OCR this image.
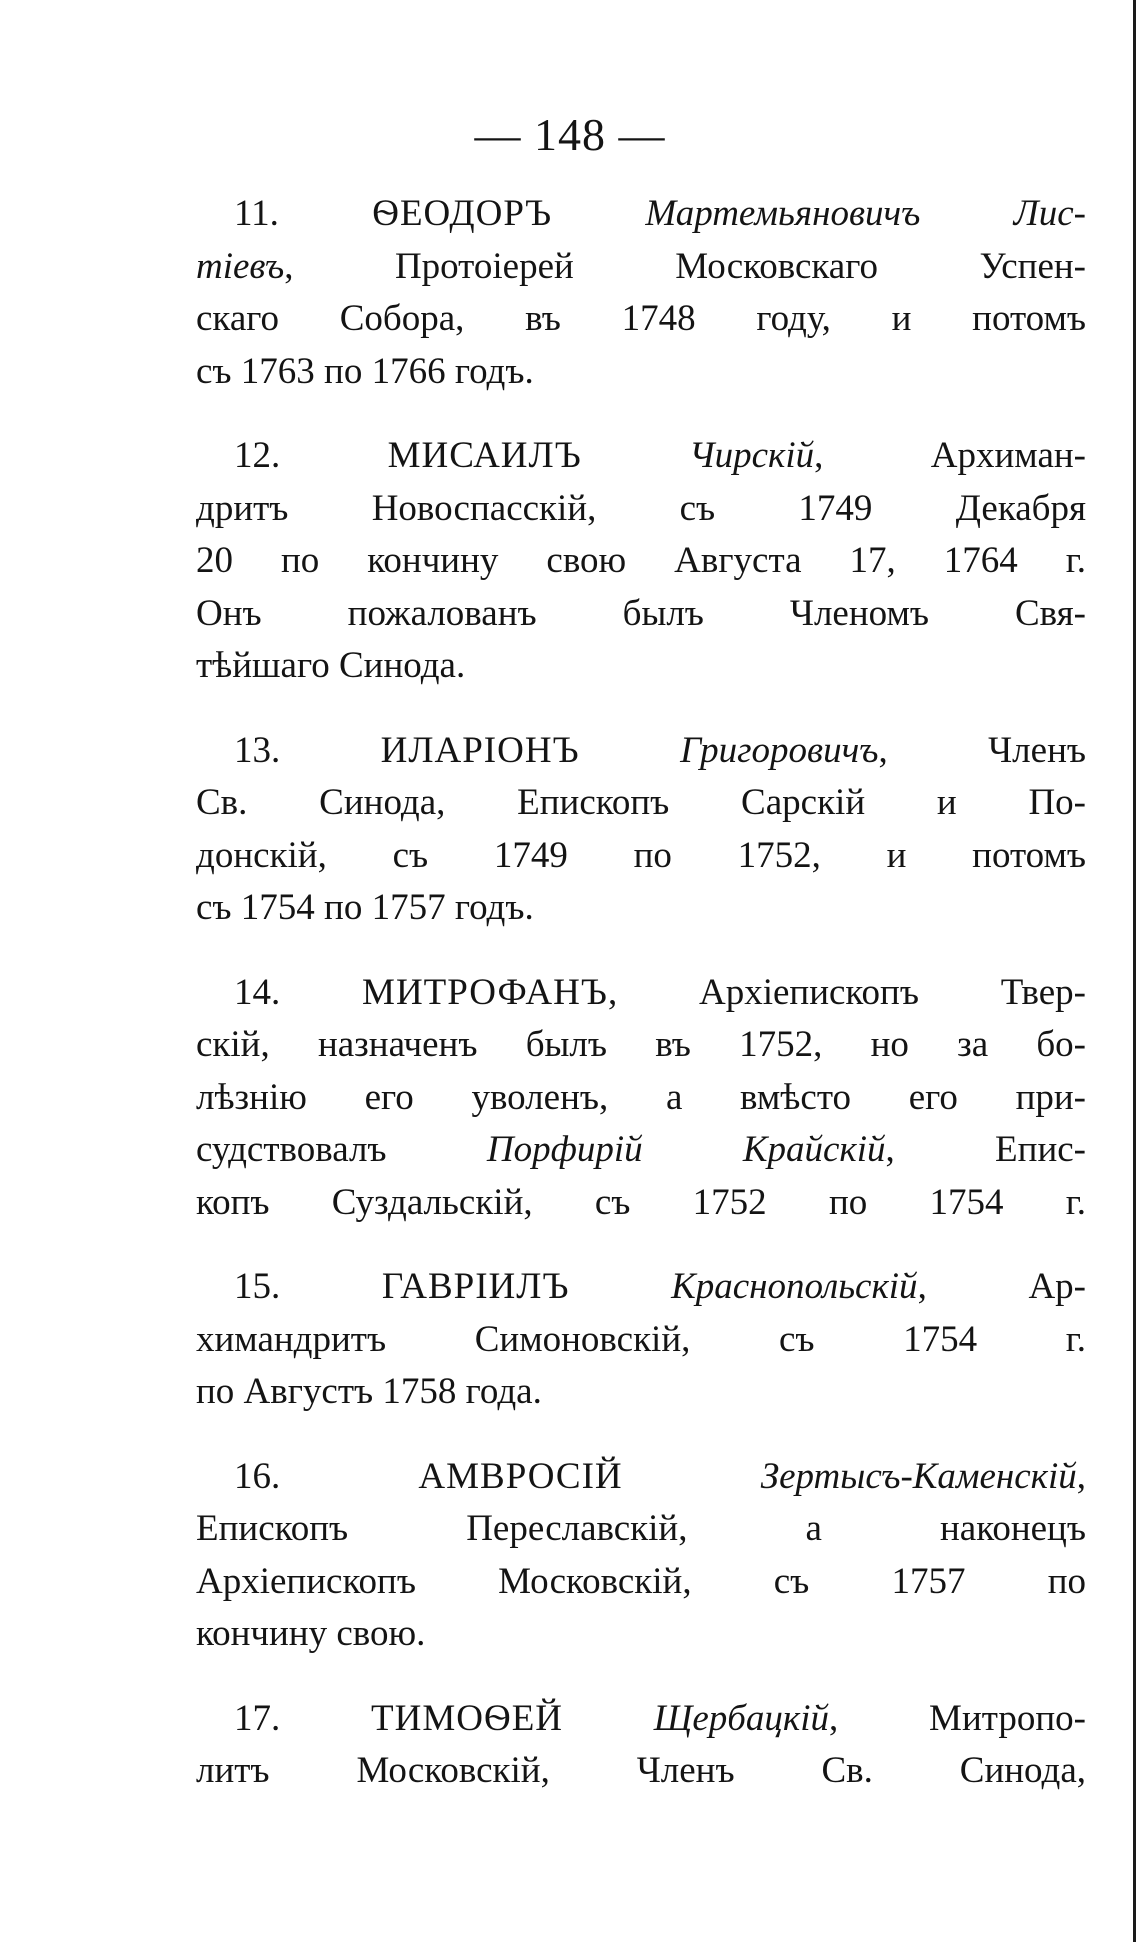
— 148 —
11. ѲЕОДОРЪ	Мартемьяновичъ Лис-
тіевъ, Протоіерей Московскаго Успен-
скаго Собора, въ 1748 году, и потомъ
съ 1763 по 1766 годъ.
12. МИСАИЛЪ	Чирскій, Архиман-
дритъ Новоспасскій, съ 1749 Декабря
20 по кончину свою Августа 17, 1764 г.
Онъ пожалованъ былъ Членомъ Свя-
тѣйшаго Синода.
13. ИЛАРІОНЪ	Григоровичъ, Членъ
Св. Синода, Епископъ Сарскій и По-
донскій, съ 1749 по 1752, и потомъ
съ 1754 по 1757 годъ.
14. МИТРОФАНЪ, Архіепископъ Твер-
скій, назначенъ былъ въ 1752, но за бо-
лѣзнію его уволенъ, а вмѣсто его при-
судствовалъ Порфирій Крайскій, Епис-
копъ Суздальскій, съ 1752 по 1754 г.
15. ГАВРІИЛЪ	Краснопольскій, Ар-
химандритъ Симоновскій, съ 1754 г.
по Августъ 1758 года.
16. АМВРОСІЙ	Зертысъ-Каменскій,
Епископъ Переславскій, а наконецъ
Архіепископъ Московскій, съ 1757 по
кончину свою.
17. ТИМОѲЕЙ Щербацкій, Митропо-
литъ Московскій, Членъ Св. Синода,
